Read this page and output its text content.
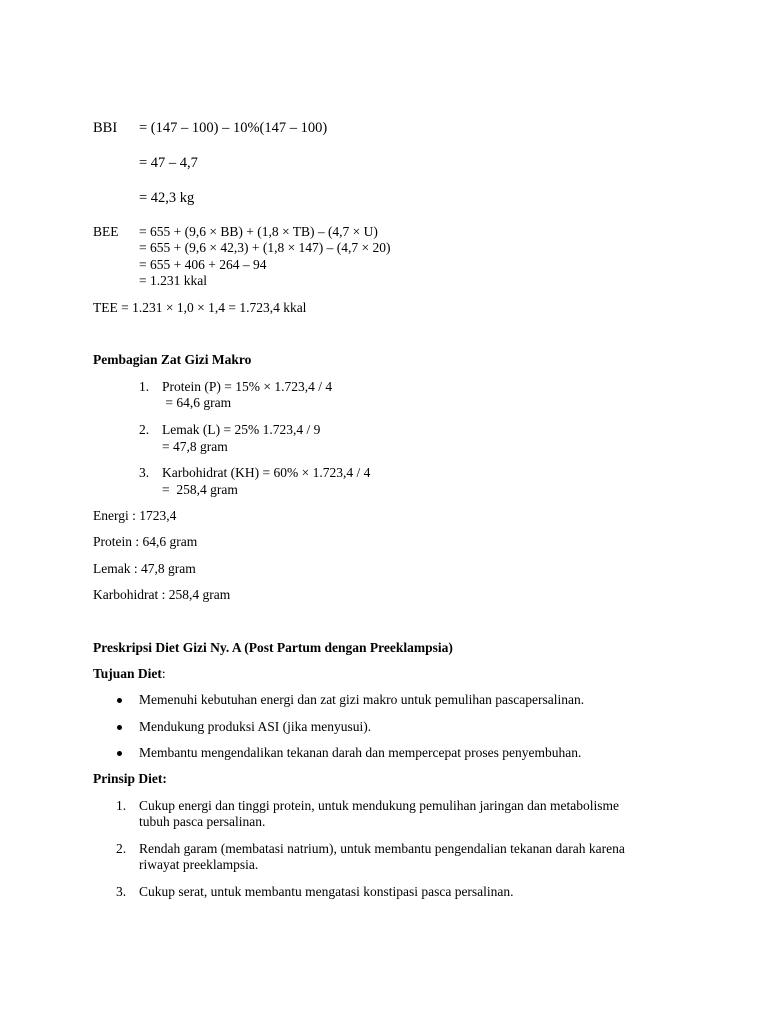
BBI = (147 – 100) – 10%(147 – 100)
= 47 – 4,7
= 42,3 kg
BEE = 655 + (9,6 × BB) + (1,8 × TB) – (4,7 × U)
= 655 + (9,6 × 42,3) + (1,8 × 147) – (4,7 × 20)
= 655 + 406 + 264 – 94
= 1.231 kkal
TEE = 1.231 × 1,0 × 1,4 = 1.723,4 kkal
Pembagian Zat Gizi Makro
1. Protein (P) = 15% × 1.723,4 / 4
= 64,6 gram
2. Lemak (L) = 25% 1.723,4 / 9
= 47,8 gram
3. Karbohidrat (KH) = 60% × 1.723,4 / 4
=  258,4 gram
Energi : 1723,4
Protein : 64,6 gram
Lemak : 47,8 gram
Karbohidrat : 258,4 gram
Preskripsi Diet Gizi Ny. A (Post Partum dengan Preeklampsia)
Tujuan Diet:
Memenuhi kebutuhan energi dan zat gizi makro untuk pemulihan pascapersalinan.
Mendukung produksi ASI (jika menyusui).
Membantu mengendalikan tekanan darah dan mempercepat proses penyembuhan.
Prinsip Diet:
1. Cukup energi dan tinggi protein, untuk mendukung pemulihan jaringan dan metabolisme
tubuh pasca persalinan.
2. Rendah garam (membatasi natrium), untuk membantu pengendalian tekanan darah karena
riwayat preeklampsia.
3. Cukup serat, untuk membantu mengatasi konstipasi pasca persalinan.
